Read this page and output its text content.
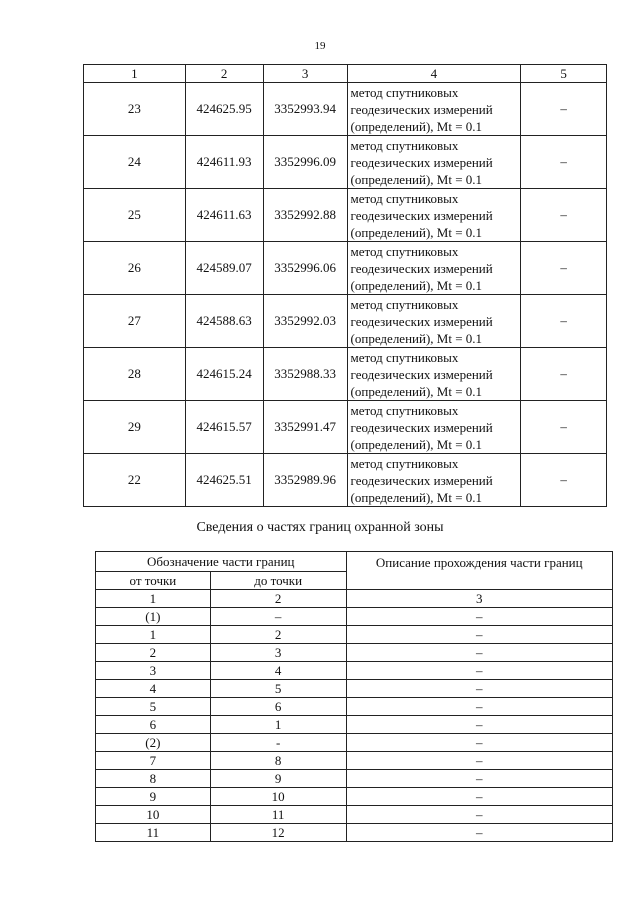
19
1	2	3	4	5
23	424625.95	3352993.94	метод спутниковых
геодезических измерений
(определений), Mt = 0.1	–
24	424611.93	3352996.09	метод спутниковых
геодезических измерений
(определений), Mt = 0.1	–
25	424611.63	3352992.88	метод спутниковых
геодезических измерений
(определений), Mt = 0.1	–
26	424589.07	3352996.06	метод спутниковых
геодезических измерений
(определений), Mt = 0.1	–
27	424588.63	3352992.03	метод спутниковых
геодезических измерений
(определений), Mt = 0.1	–
28	424615.24	3352988.33	метод спутниковых
геодезических измерений
(определений), Mt = 0.1	–
29	424615.57	3352991.47	метод спутниковых
геодезических измерений
(определений), Mt = 0.1	–
22	424625.51	3352989.96	метод спутниковых
геодезических измерений
(определений), Mt = 0.1	–
Сведения о частях границ охранной зоны
Обозначение части границ		Описание прохождения части границ
от точки	до точки	
1	2	3
(1)	–	–
1	2	–
2	3	–
3	4	–
4	5	–
5	6	–
6	1	–
(2)	-	–
7	8	–
8	9	–
9	10	–
10	11	–
11	12	–
